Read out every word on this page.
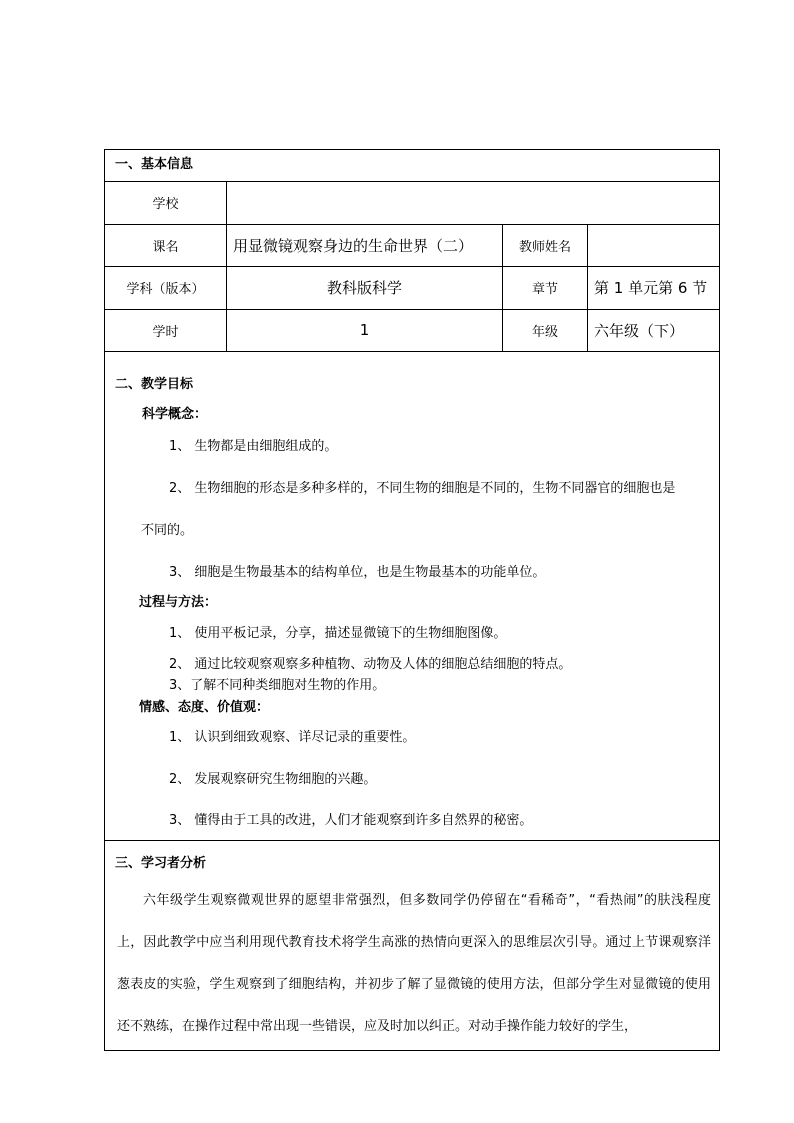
一、基本信息
学校
课名	用显微镜观察身边的生命世界（二）	教师姓名
学科（版本）	教科版科学	章节	第 1 单元第 6 节
学时	1	年级	六年级（下）
二、教学目标
科学概念：
1、 生物都是由细胞组成的。
2、 生物细胞的形态是多种多样的，不同生物的细胞是不同的，生物不同器官的细胞也是
不同的。
3、 细胞是生物最基本的结构单位，也是生物最基本的功能单位。
过程与方法：
1、 使用平板记录，分享，描述显微镜下的生物细胞图像。
2、 通过比较观察观察多种植物、动物及人体的细胞总结细胞的特点。
3、了解不同种类细胞对生物的作用。
情感、态度、价值观：
1、 认识到细致观察、详尽记录的重要性。
2、 发展观察研究生物细胞的兴趣。
3、 懂得由于工具的改进，人们才能观察到许多自然界的秘密。
三、学习者分析
六年级学生观察微观世界的愿望非常强烈，但多数同学仍停留在“看稀奇”，“看热闹”的肤浅程度上，因此教学中应当利用现代教育技术将学生高涨的热情向更深入的思维层次引导。通过上节课观察洋葱表皮的实验，学生观察到了细胞结构，并初步了解了显微镜的使用方法，但部分学生对显微镜的使用还不熟练，在操作过程中常出现一些错误，应及时加以纠正。对动手操作能力较好的学生，
